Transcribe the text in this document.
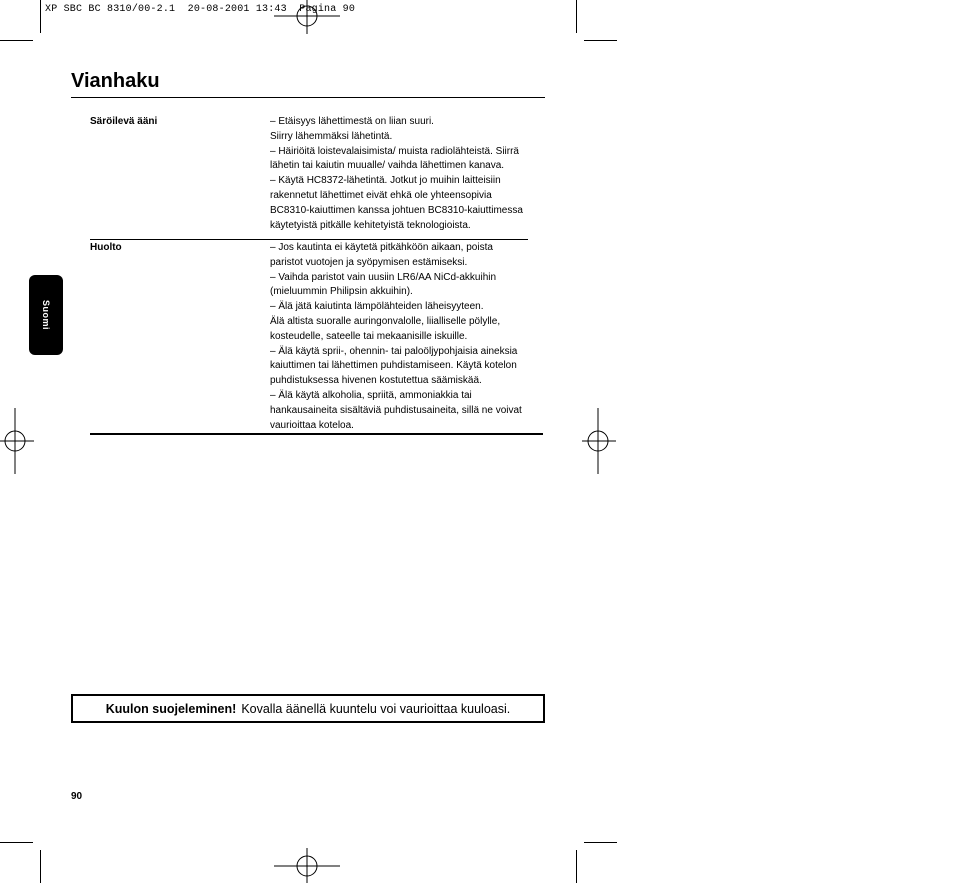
XP SBC BC 8310/00-2.1  20-08-2001 13:43  Pagina 90
Vianhaku
Suomi
Säröilevä ääni	– Etäisyys lähettimestä on liian suuri.
Siirry lähemmäksi lähetintä.
– Häiriöitä loistevalaisimista/ muista radiolähteistä. Siirrä
lähetin tai kaiutin muualle/ vaihda lähettimen kanava.
– Käytä HC8372-lähetintä. Jotkut jo muihin laitteisiin
rakennetut lähettimet eivät ehkä ole yhteensopivia
BC8310-kaiuttimen kanssa johtuen BC8310-kaiuttimessa
käytetyistä pitkälle kehitetyistä teknologioista.
Huolto	– Jos kautinta ei käytetä pitkähköön aikaan, poista
paristot vuotojen ja syöpymisen estämiseksi.
– Vaihda paristot vain uusiin LR6/AA NiCd-akkuihin
(mieluummin Philipsin akkuihin).
– Älä jätä kaiutinta lämpölähteiden läheisyyteen.
Älä altista suoralle auringonvalolle, liialliselle pölylle,
kosteudelle, sateelle tai mekaanisille iskuille.
– Älä käytä sprii-, ohennin- tai paloöljypohjaisia aineksia
kaiuttimen tai lähettimen puhdistamiseen. Käytä kotelon
puhdistuksessa hivenen kostutettua säämiskää.
– Älä käytä alkoholia, spriitä, ammoniakkia tai
hankausaineita sisältäviä puhdistusaineita, sillä ne voivat
vaurioittaa koteloa.
Kuulon suojeleminen! Kovalla äänellä kuuntelu voi vaurioittaa kuuloasi.
90
